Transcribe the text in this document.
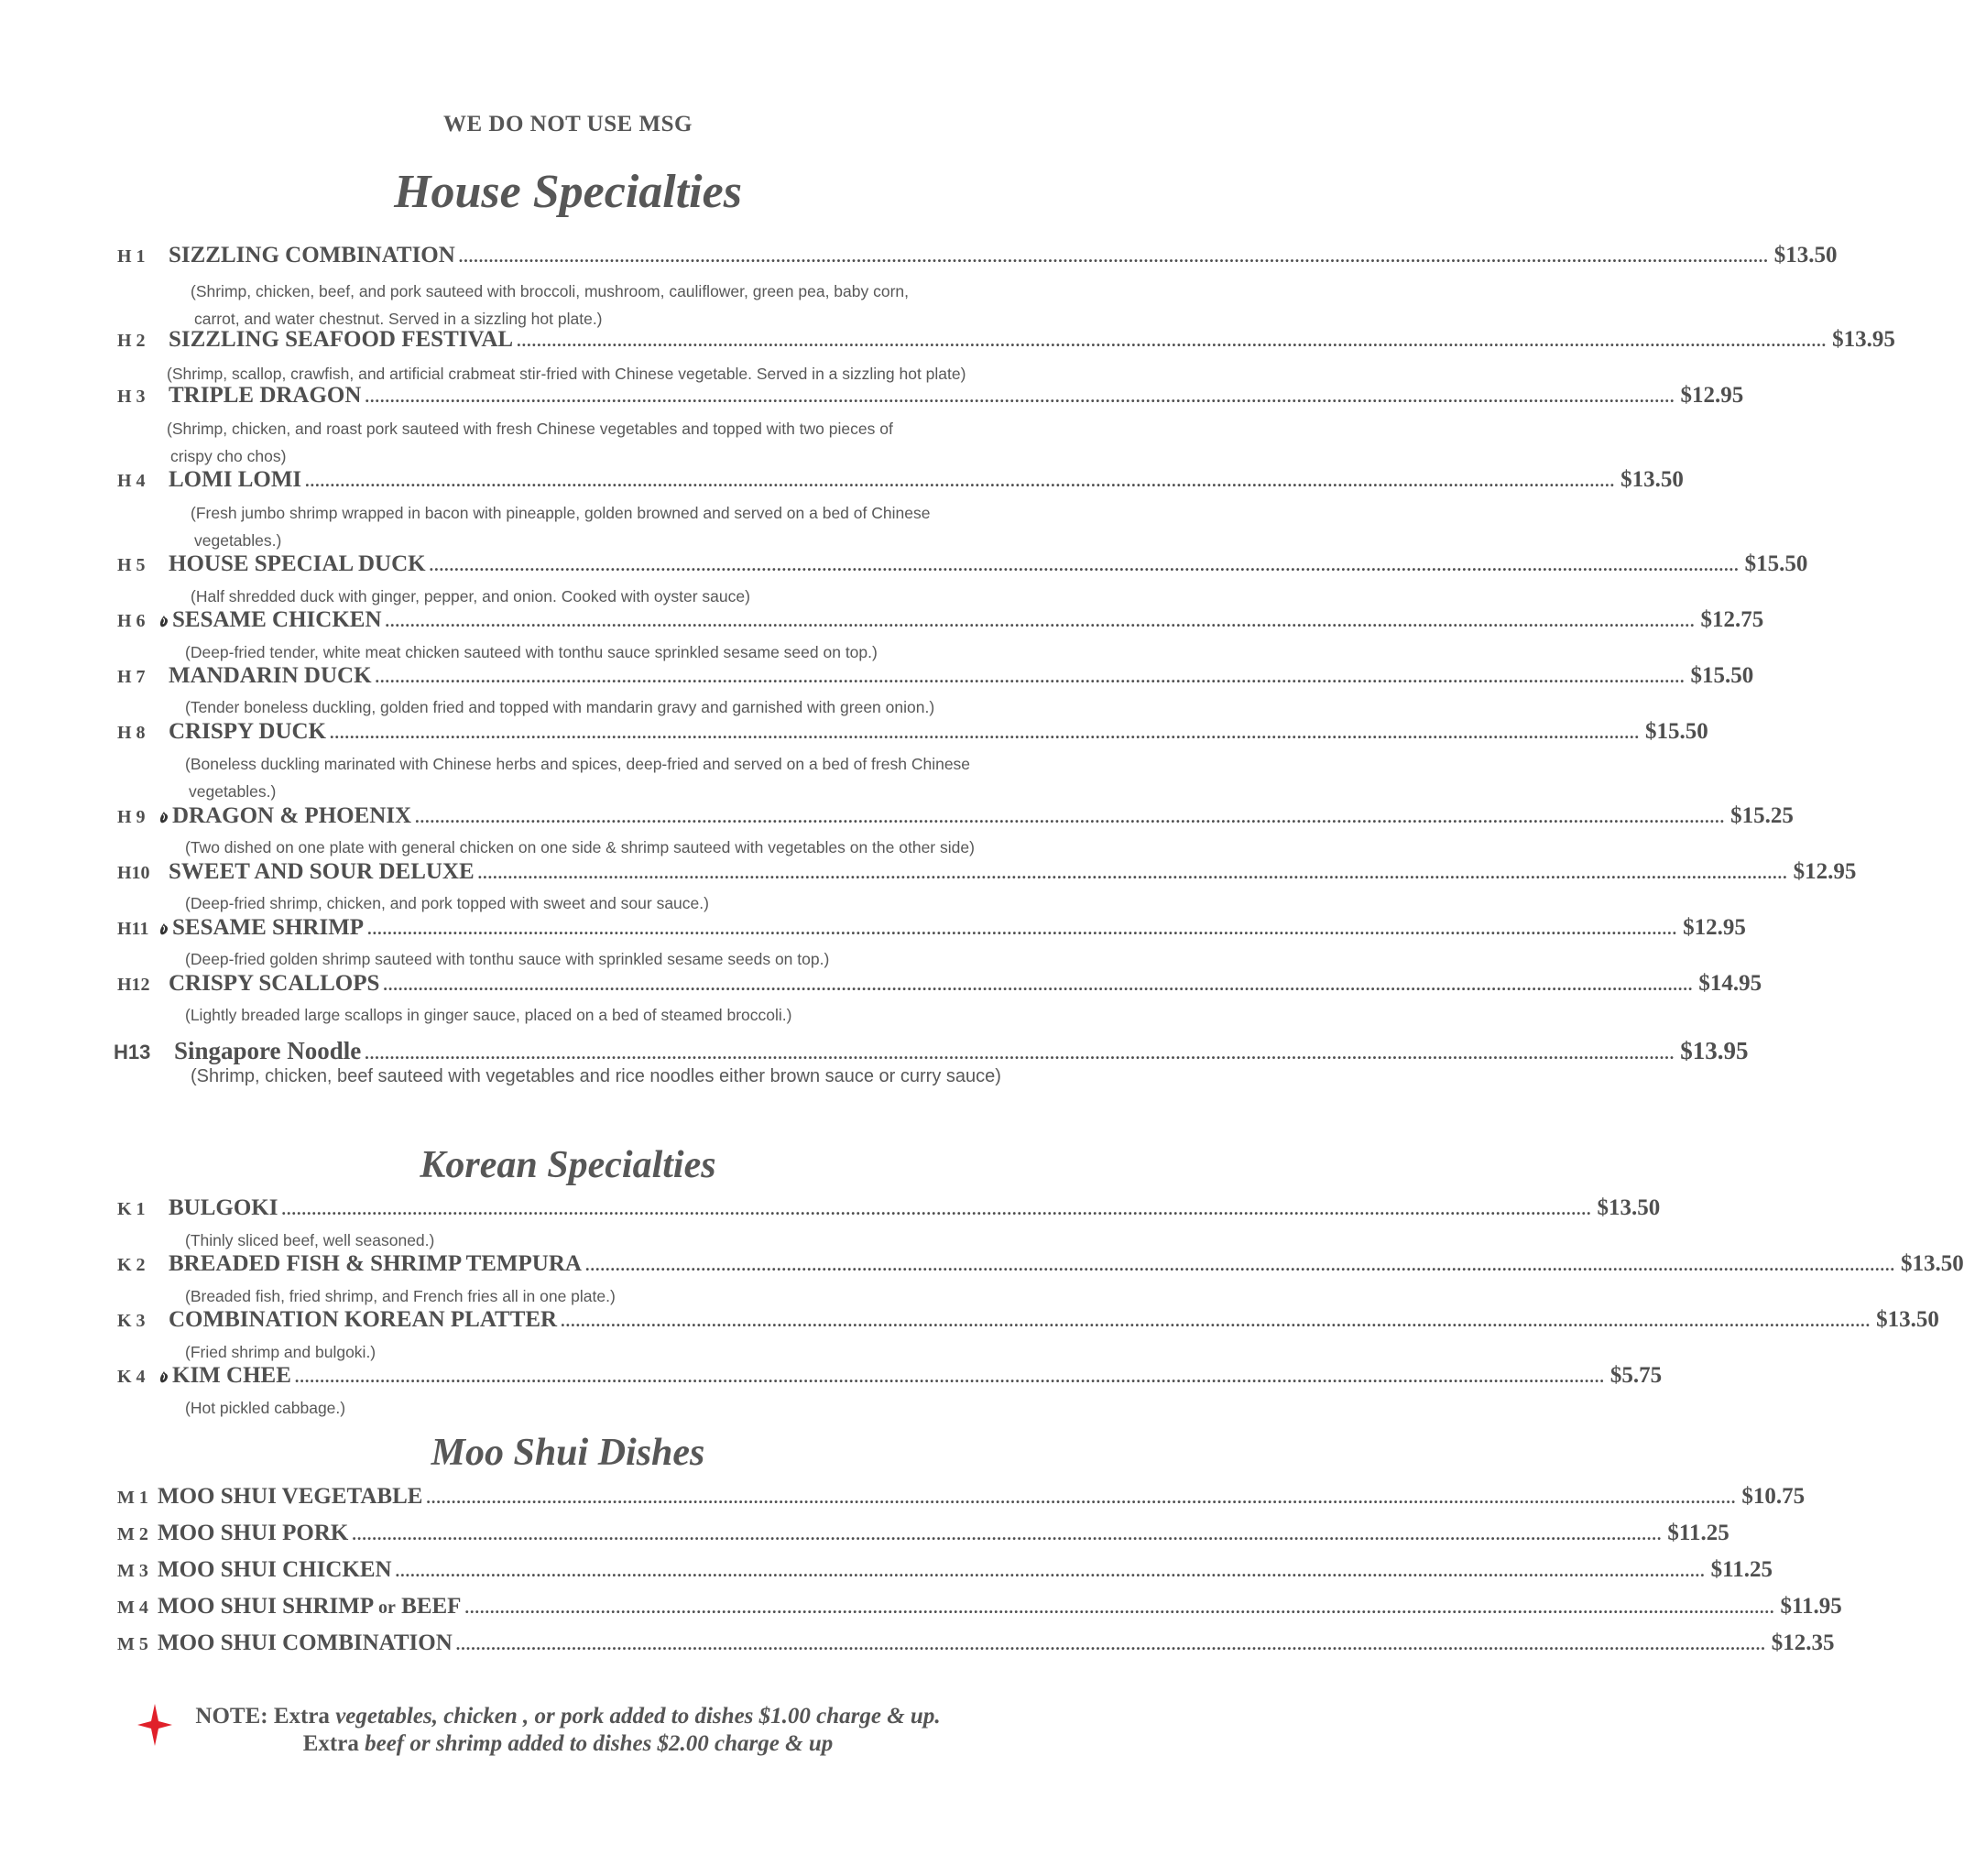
WE DO NOT USE MSG
House Specialties
H 1	SIZZLING COMBINATION .................................................................................................................................................................................................................................................................... $13.50
(Shrimp, chicken, beef, and pork sauteed with broccoli, mushroom, cauliflower, green pea, baby corn,
carrot, and water chestnut. Served in a sizzling hot plate.)
H 2	SIZZLING SEAFOOD FESTIVAL .................................................................................................................................................................................................................................................................... $13.95
(Shrimp, scallop, crawfish, and artificial crabmeat stir-fried with Chinese vegetable. Served in a sizzling hot plate)
H 3	TRIPLE DRAGON .................................................................................................................................................................................................................................................................... $12.95
(Shrimp, chicken, and roast pork sauteed with fresh Chinese vegetables and topped with two pieces of
crispy cho chos)
H 4	LOMI LOMI .................................................................................................................................................................................................................................................................... $13.50
(Fresh jumbo shrimp wrapped in bacon with pineapple, golden browned and served on a bed of Chinese
vegetables.)
H 5	HOUSE SPECIAL DUCK .................................................................................................................................................................................................................................................................... $15.50
(Half shredded duck with ginger, pepper, and onion. Cooked with oyster sauce)
H 6	SESAME CHICKEN .................................................................................................................................................................................................................................................................... $12.75
(Deep-fried tender, white meat chicken sauteed with tonthu sauce sprinkled sesame seed on top.)
H 7	MANDARIN DUCK .................................................................................................................................................................................................................................................................... $15.50
(Tender boneless duckling, golden fried and topped with mandarin gravy and garnished with green onion.)
H 8	CRISPY DUCK .................................................................................................................................................................................................................................................................... $15.50
(Boneless duckling marinated with Chinese herbs and spices, deep-fried and served on a bed of fresh Chinese
vegetables.)
H 9	DRAGON & PHOENIX .................................................................................................................................................................................................................................................................... $15.25
(Two dished on one plate with general chicken on one side & shrimp sauteed with vegetables on the other side)
H10 SWEET AND SOUR DELUXE .................................................................................................................................................................................................................................................................... $12.95
(Deep-fried shrimp, chicken, and pork topped with sweet and sour sauce.)
H11	SESAME SHRIMP .................................................................................................................................................................................................................................................................... $12.95
(Deep-fried golden shrimp sauteed with tonthu sauce with sprinkled sesame seeds on top.)
H12 CRISPY SCALLOPS .................................................................................................................................................................................................................................................................... $14.95
(Lightly breaded large scallops in ginger sauce, placed on a bed of steamed broccoli.)
H13 Singapore Noodle .................................................................................................................................................................................................................................................................... $13.95
(Shrimp, chicken, beef sauteed with vegetables and rice noodles either brown sauce or curry sauce)
Korean Specialties
K 1	BULGOKI .................................................................................................................................................................................................................................................................... $13.50
(Thinly sliced beef, well seasoned.)
K 2	BREADED FISH & SHRIMP TEMPURA .................................................................................................................................................................................................................................................................... $13.50
(Breaded fish, fried shrimp, and French fries all in one plate.)
K 3	COMBINATION KOREAN PLATTER .................................................................................................................................................................................................................................................................... $13.50
(Fried shrimp and bulgoki.)
K 4	KIM CHEE .................................................................................................................................................................................................................................................................... $5.75
(Hot pickled cabbage.)
Moo Shui Dishes
M 1 MOO SHUI VEGETABLE .................................................................................................................................................................................................................................................................... $10.75
M 2 MOO SHUI PORK .................................................................................................................................................................................................................................................................... $11.25
M 3 MOO SHUI CHICKEN .................................................................................................................................................................................................................................................................... $11.25
M 4 MOO SHUI SHRIMP or BEEF .................................................................................................................................................................................................................................................................... $11.95
M 5 MOO SHUI COMBINATION .................................................................................................................................................................................................................................................................... $12.35
NOTE: Extra vegetables, chicken , or pork added to dishes $1.00 charge & up.
Extra beef or shrimp added to dishes $2.00 charge & up
